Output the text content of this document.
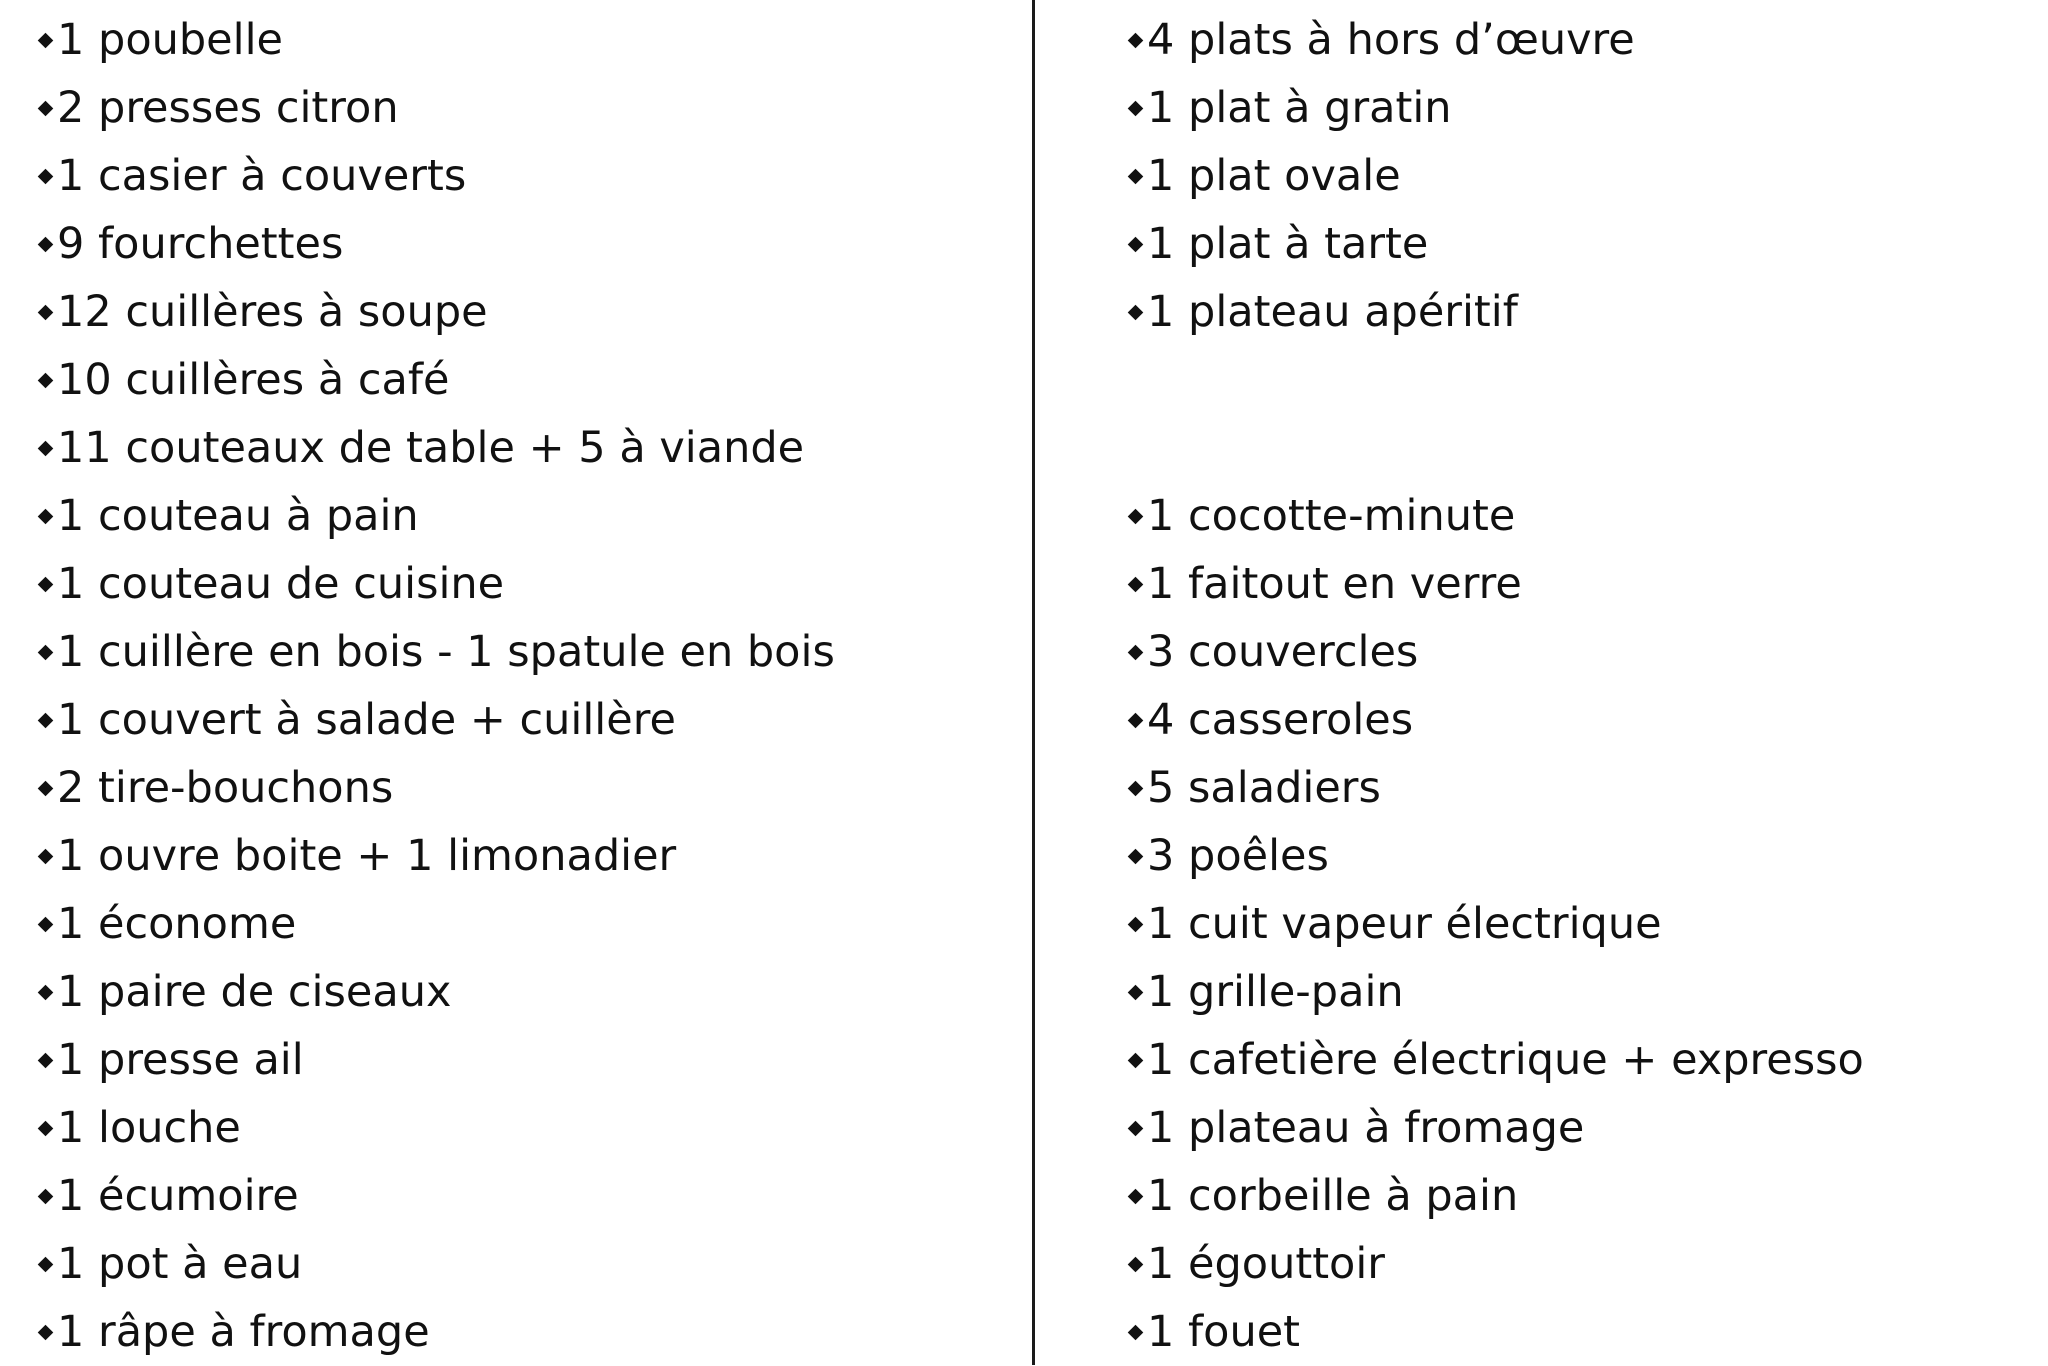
1 poubelle
2 presses citron
1 casier à couverts
9 fourchettes
12 cuillères à soupe
10 cuillères à café
11 couteaux de table + 5 à viande
1 couteau à pain
1 couteau de cuisine
1 cuillère en bois - 1 spatule en bois
1 couvert à salade + cuillère
2 tire-bouchons
1 ouvre boite + 1 limonadier
1 économe
1 paire de ciseaux
1 presse ail
1 louche
1 écumoire
1 pot à eau
1 râpe à fromage
4 plats à hors d’œuvre
1 plat à gratin
1 plat ovale
1 plat à tarte
1 plateau apéritif
1 cocotte-minute
1 faitout en verre
3 couvercles
4 casseroles
5 saladiers
3 poêles
1 cuit vapeur électrique
1 grille-pain
1 cafetière électrique + expresso
1 plateau à fromage
1 corbeille à pain
1 égouttoir
1 fouet
